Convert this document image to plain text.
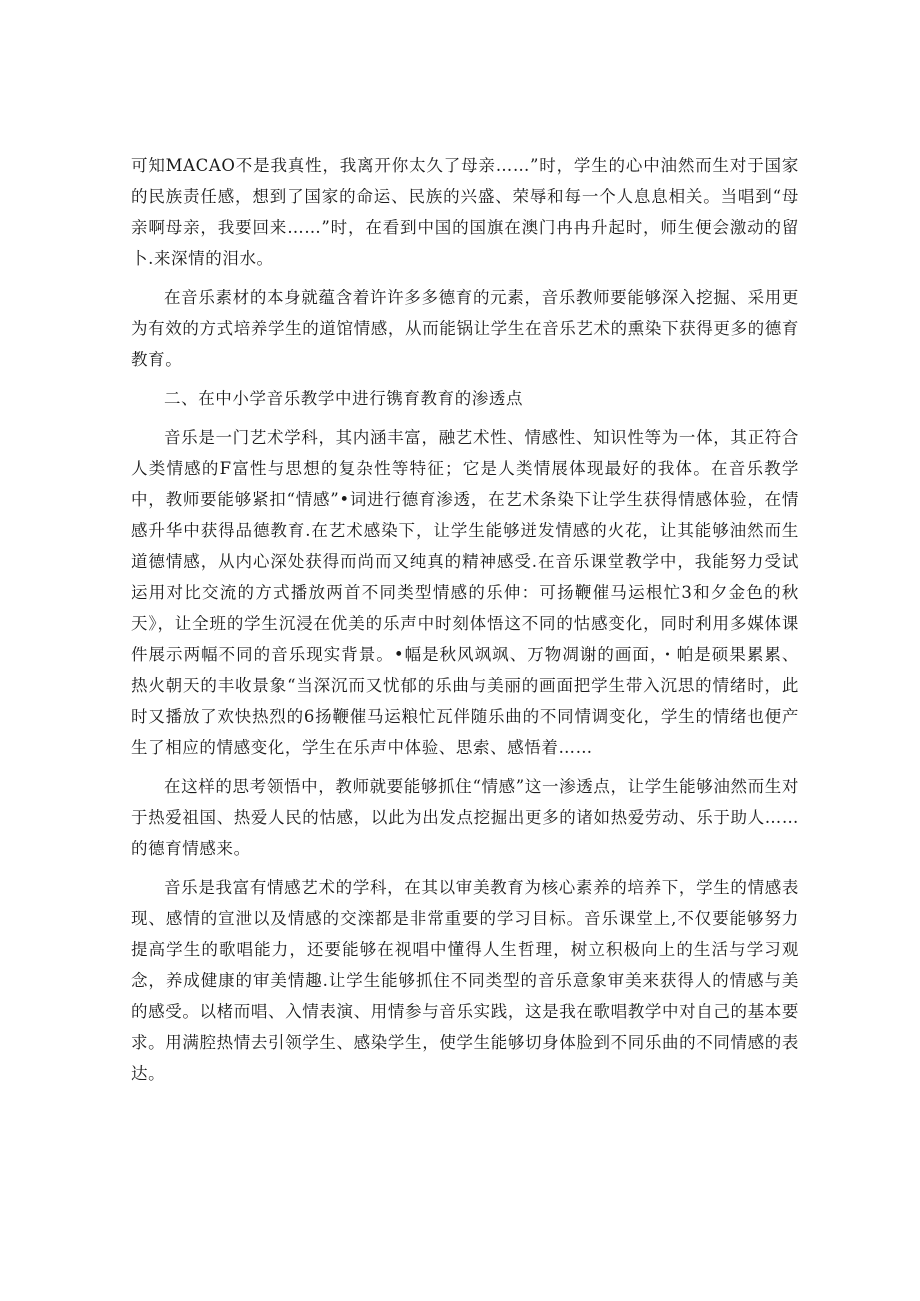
可知MACAO不是我真性，我离开你太久了母亲……”时，学生的心中油然而生对于国家的民族责任感，想到了国家的命运、民族的兴盛、荣辱和每一个人息息相关。当唱到“母亲啊母亲，我要回来……”时，在看到中国的国旗在澳门冉冉升起时，师生便会激动的留卜.来深情的泪水。

在音乐素材的本身就蕴含着许许多多德育的元素，音乐教师要能够深入挖掘、采用更为有效的方式培养学生的道馆情感，从而能锅让学生在音乐艺术的熏染下获得更多的德育教育。

二、在中小学音乐教学中进行镌育教育的渗透点

音乐是一门艺术学科，其内涵丰富，融艺术性、情感性、知识性等为一体，其正符合人类情感的F富性与思想的复杂性等特征；它是人类情展体现最好的我体。在音乐教学中，教师要能够紧扣“情感”•词进行德育渗透，在艺术条染下让学生获得情感体验，在情感升华中获得品德教育.在艺术感染下，让学生能够迸发情感的火花，让其能够油然而生道德情感，从内心深处获得而尚而又纯真的精神感受.在音乐课堂教学中，我能努力受试运用对比交流的方式播放两首不同类型情感的乐伸：可扬鞭催马运根忙3和夕金色的秋天》，让全班的学生沉浸在优美的乐声中时刻体悟这不同的怙感变化，同时利用多媒体课件展示两幅不同的音乐现实背景。•幅是秋风飒飒、万物凋谢的画面，・帕是硕果累累、热火朝天的丰收景象“当深沉而又忧郁的乐曲与美丽的画面把学生带入沉思的情绪时，此时又播放了欢快热烈的6扬鞭催马运粮忙瓦伴随乐曲的不同情调变化，学生的情绪也便产生了相应的情感变化，学生在乐声中体验、思索、感悟着……

在这样的思考领悟中，教师就要能够抓住“情感”这一渗透点，让学生能够油然而生对于热爱祖国、热爱人民的怙感，以此为出发点挖掘出更多的诸如热爱劳动、乐于助人……的德育情感来。

音乐是我富有情感艺术的学科，在其以审美教育为核心素养的培养下，学生的情感表现、感情的宣泄以及情感的交滦都是非常重要的学习目标。音乐课堂上,不仅要能够努力提高学生的歌唱能力，还要能够在视唱中懂得人生哲理，树立积极向上的生活与学习观念，养成健康的审美情趣.让学生能够抓住不同类型的音乐意象审美来获得人的情感与美的感受。以楮而唱、入情表演、用情参与音乐实践，这是我在歌唱教学中对自己的基本要求。用满腔热情去引领学生、感染学生，使学生能够切身体脸到不同乐曲的不同情感的表达。
